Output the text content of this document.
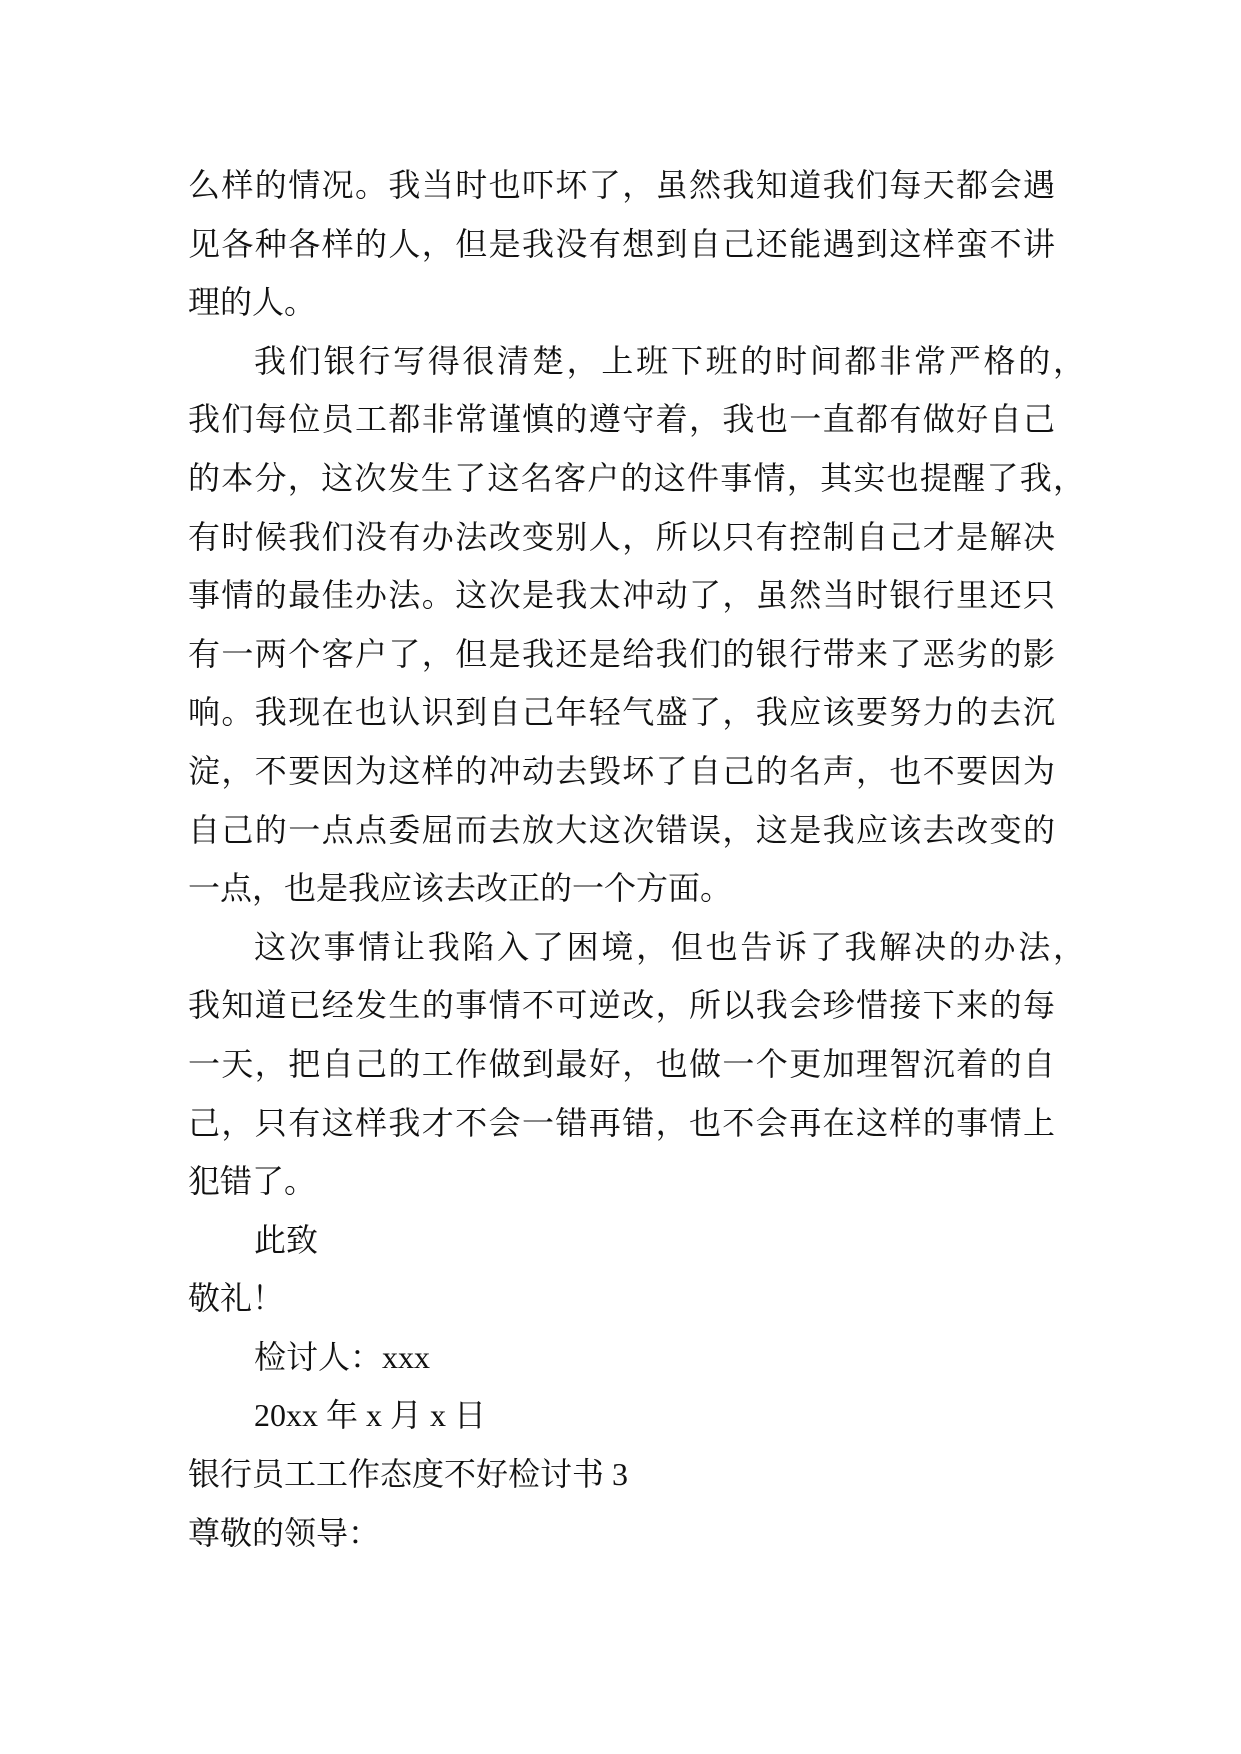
么样的情况。我当时也吓坏了，虽然我知道我们每天都会遇
见各种各样的人，但是我没有想到自己还能遇到这样蛮不讲
理的人。
我们银行写得很清楚，上班下班的时间都非常严格的，
我们每位员工都非常谨慎的遵守着，我也一直都有做好自己
的本分，这次发生了这名客户的这件事情，其实也提醒了我，
有时候我们没有办法改变别人，所以只有控制自己才是解决
事情的最佳办法。这次是我太冲动了，虽然当时银行里还只
有一两个客户了，但是我还是给我们的银行带来了恶劣的影
响。我现在也认识到自己年轻气盛了，我应该要努力的去沉
淀，不要因为这样的冲动去毁坏了自己的名声，也不要因为
自己的一点点委屈而去放大这次错误，这是我应该去改变的
一点，也是我应该去改正的一个方面。
这次事情让我陷入了困境，但也告诉了我解决的办法，
我知道已经发生的事情不可逆改，所以我会珍惜接下来的每
一天，把自己的工作做到最好，也做一个更加理智沉着的自
己，只有这样我才不会一错再错，也不会再在这样的事情上
犯错了。
此致
敬礼！
检讨人：xxx
20xx 年 x 月 x 日
银行员工工作态度不好检讨书 3
尊敬的领导：
